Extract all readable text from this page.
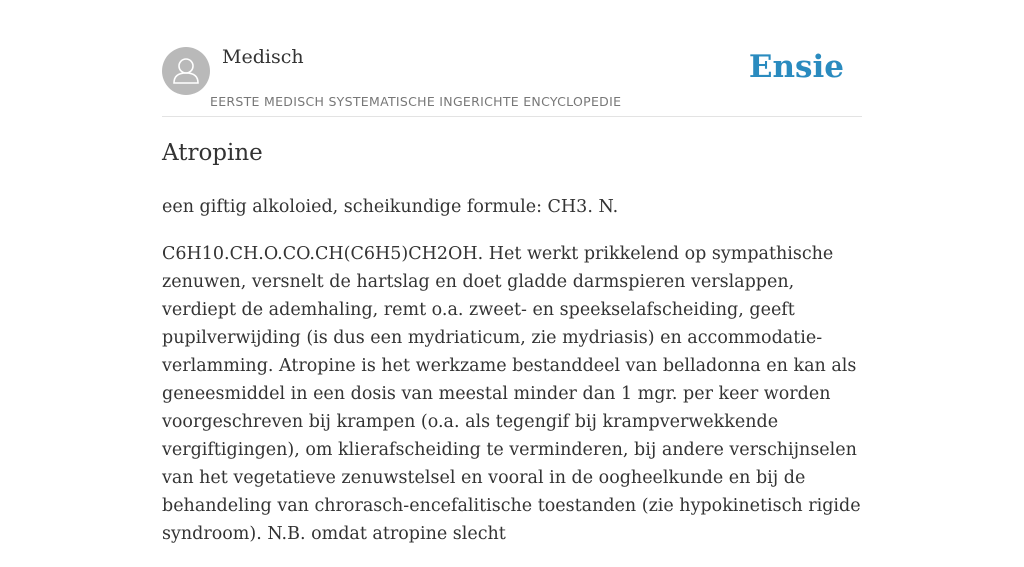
Medisch
EERSTE MEDISCH SYSTEMATISCHE INGERICHTE ENCYCLOPEDIE
Ensie
Atropine

een giftig alkoloied, scheikundige formule: CH3. N.

C6H10.CH.O.CO.CH(C6H5)CH2OH. Het werkt prikkelend op sympathische zenuwen, versnelt de hartslag en doet gladde darmspieren verslappen, verdiept de ademhaling, remt o.a. zweet- en speekselafscheiding, geeft pupilverwijding (is dus een mydriaticum, zie mydriasis) en accommodatie-verlamming. Atropine is het werkzame bestanddeel van belladonna en kan als geneesmiddel in een dosis van meestal minder dan 1 mgr. per keer worden voorgeschreven bij krampen (o.a. als tegengif bij krampverwekkende vergiftigingen), om klierafscheiding te verminderen, bij andere verschijnselen van het vegetatieve zenuwstelsel en vooral in de oogheelkunde en bij de behandeling van chrorasch-encefalitische toestanden (zie hypokinetisch rigide syndroom). N.B. omdat atropine slecht
